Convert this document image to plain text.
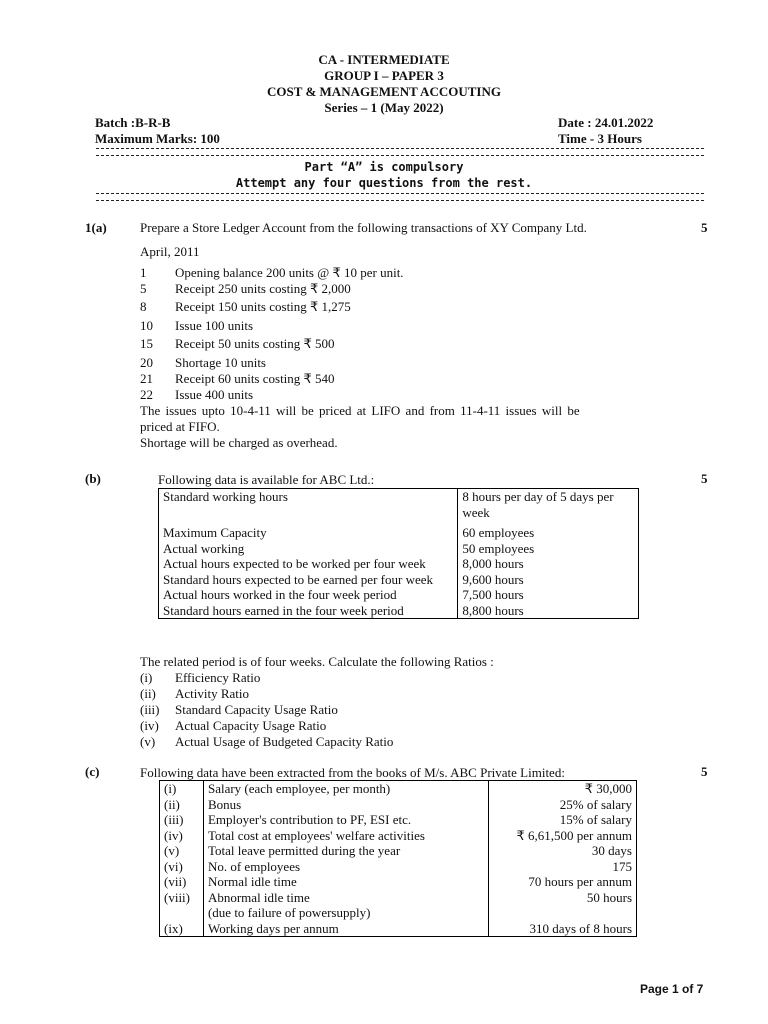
CA - INTERMEDIATE
GROUP I – PAPER 3
COST & MANAGEMENT ACCOUTING
Series – 1 (May 2022)
Batch :B-R-B	Date : 24.01.2022
Maximum Marks: 100	Time - 3 Hours
Part “A” is compulsory
Attempt any four questions from the rest.
1(a)	Prepare a Store Ledger Account from the following transactions of XY Company Ltd.	5
April, 2011
1 Opening balance 200 units @ ₹ 10 per unit.
5 Receipt 250 units costing ₹ 2,000
8 Receipt 150 units costing ₹ 1,275
10 Issue 100 units
15 Receipt 50 units costing ₹ 500
20 Shortage 10 units
21 Receipt 60 units costing ₹ 540
22 Issue 400 units
The issues upto 10-4-11 will be priced at LIFO and from 11-4-11 issues will be
priced at FIFO.
Shortage will be charged as overhead.
(b)	Following data is available for ABC Ltd.:	5
Standard working hours	8 hours per day of 5 days per week
Maximum Capacity	60 employees
Actual working	50 employees
Actual hours expected to be worked per four week	8,000 hours
Standard hours expected to be earned per four week	9,600 hours
Actual hours worked in the four week period	7,500 hours
Standard hours earned in the four week period	8,800 hours
The related period is of four weeks. Calculate the following Ratios :
(i) Efficiency Ratio
(ii) Activity Ratio
(iii) Standard Capacity Usage Ratio
(iv) Actual Capacity Usage Ratio
(v) Actual Usage of Budgeted Capacity Ratio
(c)	Following data have been extracted from the books of M/s. ABC Private Limited:	5
(i)	Salary (each employee, per month)	₹ 30,000
(ii)	Bonus	25% of salary
(iii)	Employer's contribution to PF, ESI etc.	15% of salary
(iv)	Total cost at employees' welfare activities	₹ 6,61,500 per annum
(v)	Total leave permitted during the year	30 days
(vi)	No. of employees	175
(vii)	Normal idle time	70 hours per annum
(viii)	Abnormal idle time	50 hours
	(due to failure of powersupply)	
(ix)	Working days per annum	310 days of 8 hours
Page 1 of 7
